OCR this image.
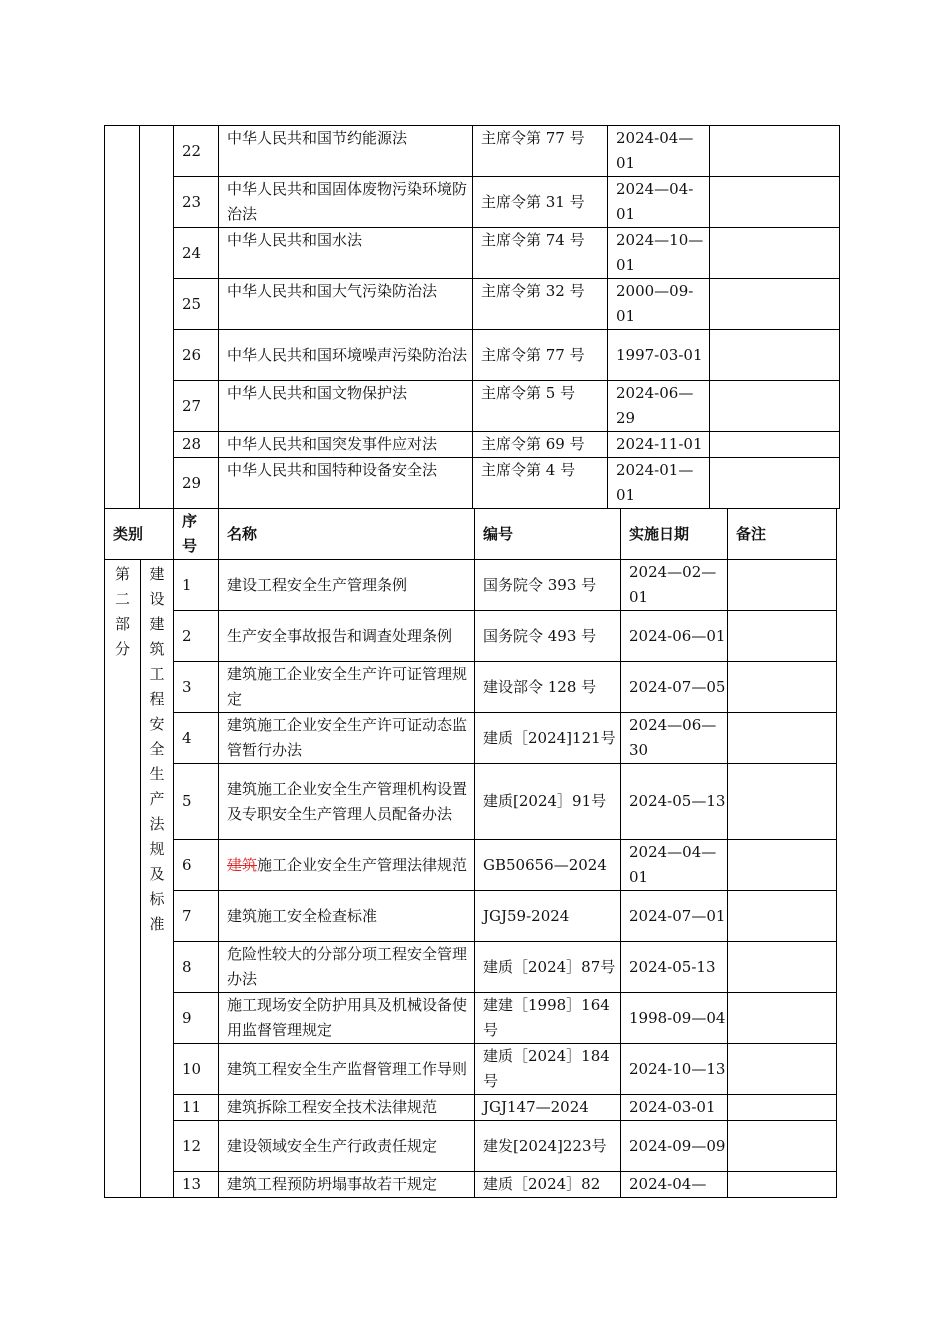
		22	中华人民共和国节约能源法	主席令第 77 号	2024-04—01	
		23	中华人民共和国固体废物污染环境防治法	主席令第 31 号	2024—04-01	
		24	中华人民共和国水法	主席令第 74 号	2024—10—01	
		25	中华人民共和国大气污染防治法	主席令第 32 号	2000—09-01	
		26	中华人民共和国环境噪声污染防治法	主席令第 77 号	1997-03-01	
		27	中华人民共和国文物保护法	主席令第 5 号	2024-06—29	
		28	中华人民共和国突发事件应对法	主席令第 69 号	2024-11-01	
		29	中华人民共和国特种设备安全法	主席令第 4 号	2024-01—01	
类别		序号	名称	编号	实施日期	备注
第二部分	建设建筑工程安全生产法规及标准	1	建设工程安全生产管理条例	国务院令 393 号	2024—02—01	
		2	生产安全事故报告和调查处理条例	国务院令 493 号	2024-06—01	
		3	建筑施工企业安全生产许可证管理规定	建设部令 128 号	2024-07—05	
		4	建筑施工企业安全生产许可证动态监管暂行办法	建质［2024]121号	2024—06—30	
		5	建筑施工企业安全生产管理机构设置及专职安全生产管理人员配备办法	建质[2024］91号	2024-05—13	
		6	建筑施工企业安全生产管理法律规范	GB50656—2024	2024—04—01	
		7	建筑施工安全检查标准	JGJ59-2024	2024-07—01	
		8	危险性较大的分部分项工程安全管理办法	建质［2024］87号	2024-05-13	
		9	施工现场安全防护用具及机械设备使用监督管理规定	建建［1998］164号	1998-09—04	
		10	建筑工程安全生产监督管理工作导则	建质［2024］184号	2024-10—13	
		11	建筑拆除工程安全技术法律规范	JGJ147—2024	2024-03-01	
		12	建设领域安全生产行政责任规定	建发[2024]223号	2024-09—09	
		13	建筑工程预防坍塌事故若干规定	建质［2024］82	2024-04—	
